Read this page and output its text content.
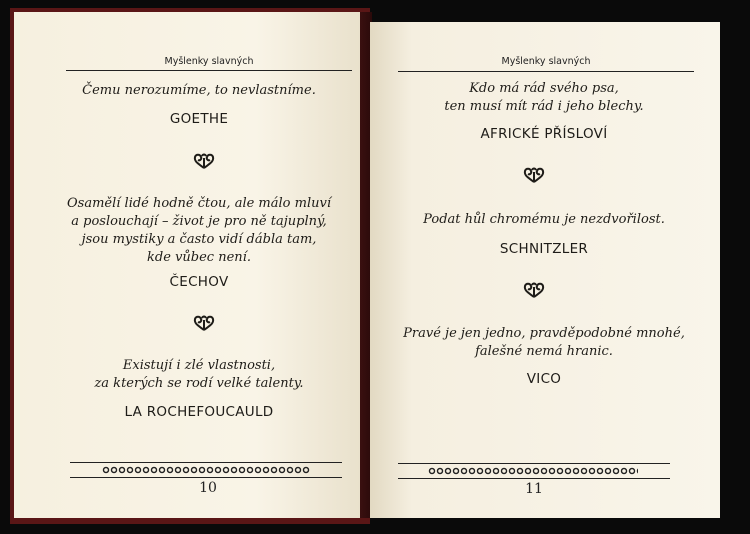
Myšlenky slavných
Čemu nerozumíme, to nevlastníme.
GOETHE
Osamělí lidé hodně čtou, ale málo mluví
a poslouchají – život je pro ně tajuplný,
jsou mystiky a často vidí dábla tam,
kde vůbec není.
ČECHOV
Existují i zlé vlastnosti,
za kterých se rodí velké talenty.
LA ROCHEFOUCAULD
10
Myšlenky slavných
Kdo má rád svého psa,
ten musí mít rád i jeho blechy.
AFRICKÉ PŘÍSLOVÍ
Podat hůl chromému je nezdvořilost.
SCHNITZLER
Pravé je jen jedno, pravděpodobné mnohé,
falešné nemá hranic.
VICO
11
